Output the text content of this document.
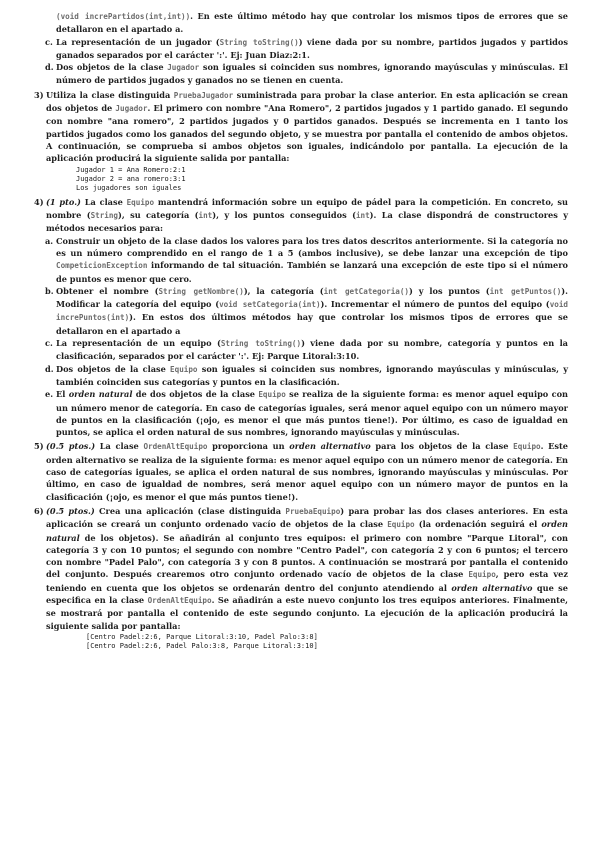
(void increPartidos(int,int)). En este último método hay que controlar los mismos tipos de errores que se detallaron en el apartado a.

c. La representación de un jugador (String toString()) viene dada por su nombre, partidos jugados y partidos ganados separados por el carácter ':'. Ej: Juan Diaz:2:1.

d. Dos objetos de la clase Jugador son iguales si coinciden sus nombres, ignorando mayúsculas y minúsculas. El número de partidos jugados y ganados no se tienen en cuenta.

3) Utiliza la clase distinguida PruebaJugador suministrada para probar la clase anterior. En esta aplicación se crean dos objetos de Jugador. El primero con nombre "Ana Romero", 2 partidos jugados y 1 partido ganado. El segundo con nombre "ana romero", 2 partidos jugados y 0 partidos ganados. Después se incrementa en 1 tanto los partidos jugados como los ganados del segundo objeto, y se muestra por pantalla el contenido de ambos objetos. A continuación, se comprueba si ambos objetos son iguales, indicándolo por pantalla. La ejecución de la aplicación producirá la siguiente salida por pantalla:

Jugador 1 = Ana Romero:2:1
Jugador 2 = ana romero:3:1
Los jugadores son iguales

4) (1 pto.) La clase Equipo mantendrá información sobre un equipo de pádel para la competición. En concreto, su nombre (String), su categoría (int), y los puntos conseguidos (int). La clase dispondrá de constructores y métodos necesarios para:

a. Construir un objeto de la clase dados los valores para los tres datos descritos anteriormente. Si la categoría no es un número comprendido en el rango de 1 a 5 (ambos inclusive), se debe lanzar una excepción de tipo CompeticionException informando de tal situación. También se lanzará una excepción de este tipo si el número de puntos es menor que cero.

b. Obtener el nombre (String getNombre()), la categoría (int getCategoria()) y los puntos (int getPuntos()). Modificar la categoría del equipo (void setCategoria(int)). Incrementar el número de puntos del equipo (void increPuntos(int)). En estos dos últimos métodos hay que controlar los mismos tipos de errores que se detallaron en el apartado a

c. La representación de un equipo (String toString()) viene dada por su nombre, categoría y puntos en la clasificación, separados por el carácter ':'. Ej: Parque Litoral:3:10.

d. Dos objetos de la clase Equipo son iguales si coinciden sus nombres, ignorando mayúsculas y minúsculas, y también coinciden sus categorías y puntos en la clasificación.

e. El orden natural de dos objetos de la clase Equipo se realiza de la siguiente forma: es menor aquel equipo con un número menor de categoría. En caso de categorías iguales, será menor aquel equipo con un número mayor de puntos en la clasificación (¡ojo, es menor el que más puntos tiene!). Por último, es caso de igualdad en puntos, se aplica el orden natural de sus nombres, ignorando mayúsculas y minúsculas.

5) (0.5 ptos.) La clase OrdenAltEquipo proporciona un orden alternativo para los objetos de la clase Equipo. Este orden alternativo se realiza de la siguiente forma: es menor aquel equipo con un número menor de categoría. En caso de categorías iguales, se aplica el orden natural de sus nombres, ignorando mayúsculas y minúsculas. Por último, en caso de igualdad de nombres, será menor aquel equipo con un número mayor de puntos en la clasificación (¡ojo, es menor el que más puntos tiene!).

6) (0.5 ptos.) Crea una aplicación (clase distinguida PruebaEquipo) para probar las dos clases anteriores. En esta aplicación se creará un conjunto ordenado vacío de objetos de la clase Equipo (la ordenación seguirá el orden natural de los objetos). Se añadirán al conjunto tres equipos: el primero con nombre "Parque Litoral", con categoría 3 y con 10 puntos; el segundo con nombre "Centro Padel", con categoría 2 y con 6 puntos; el tercero con nombre "Padel Palo", con categoría 3 y con 8 puntos. A continuación se mostrará por pantalla el contenido del conjunto. Después crearemos otro conjunto ordenado vacío de objetos de la clase Equipo, pero esta vez teniendo en cuenta que los objetos se ordenarán dentro del conjunto atendiendo al orden alternativo que se especifica en la clase OrdenAltEquipo. Se añadirán a este nuevo conjunto los tres equipos anteriores. Finalmente, se mostrará por pantalla el contenido de este segundo conjunto. La ejecución de la aplicación producirá la siguiente salida por pantalla:

[Centro Padel:2:6, Parque Litoral:3:10, Padel Palo:3:8]
[Centro Padel:2:6, Padel Palo:3:8, Parque Litoral:3:10]
